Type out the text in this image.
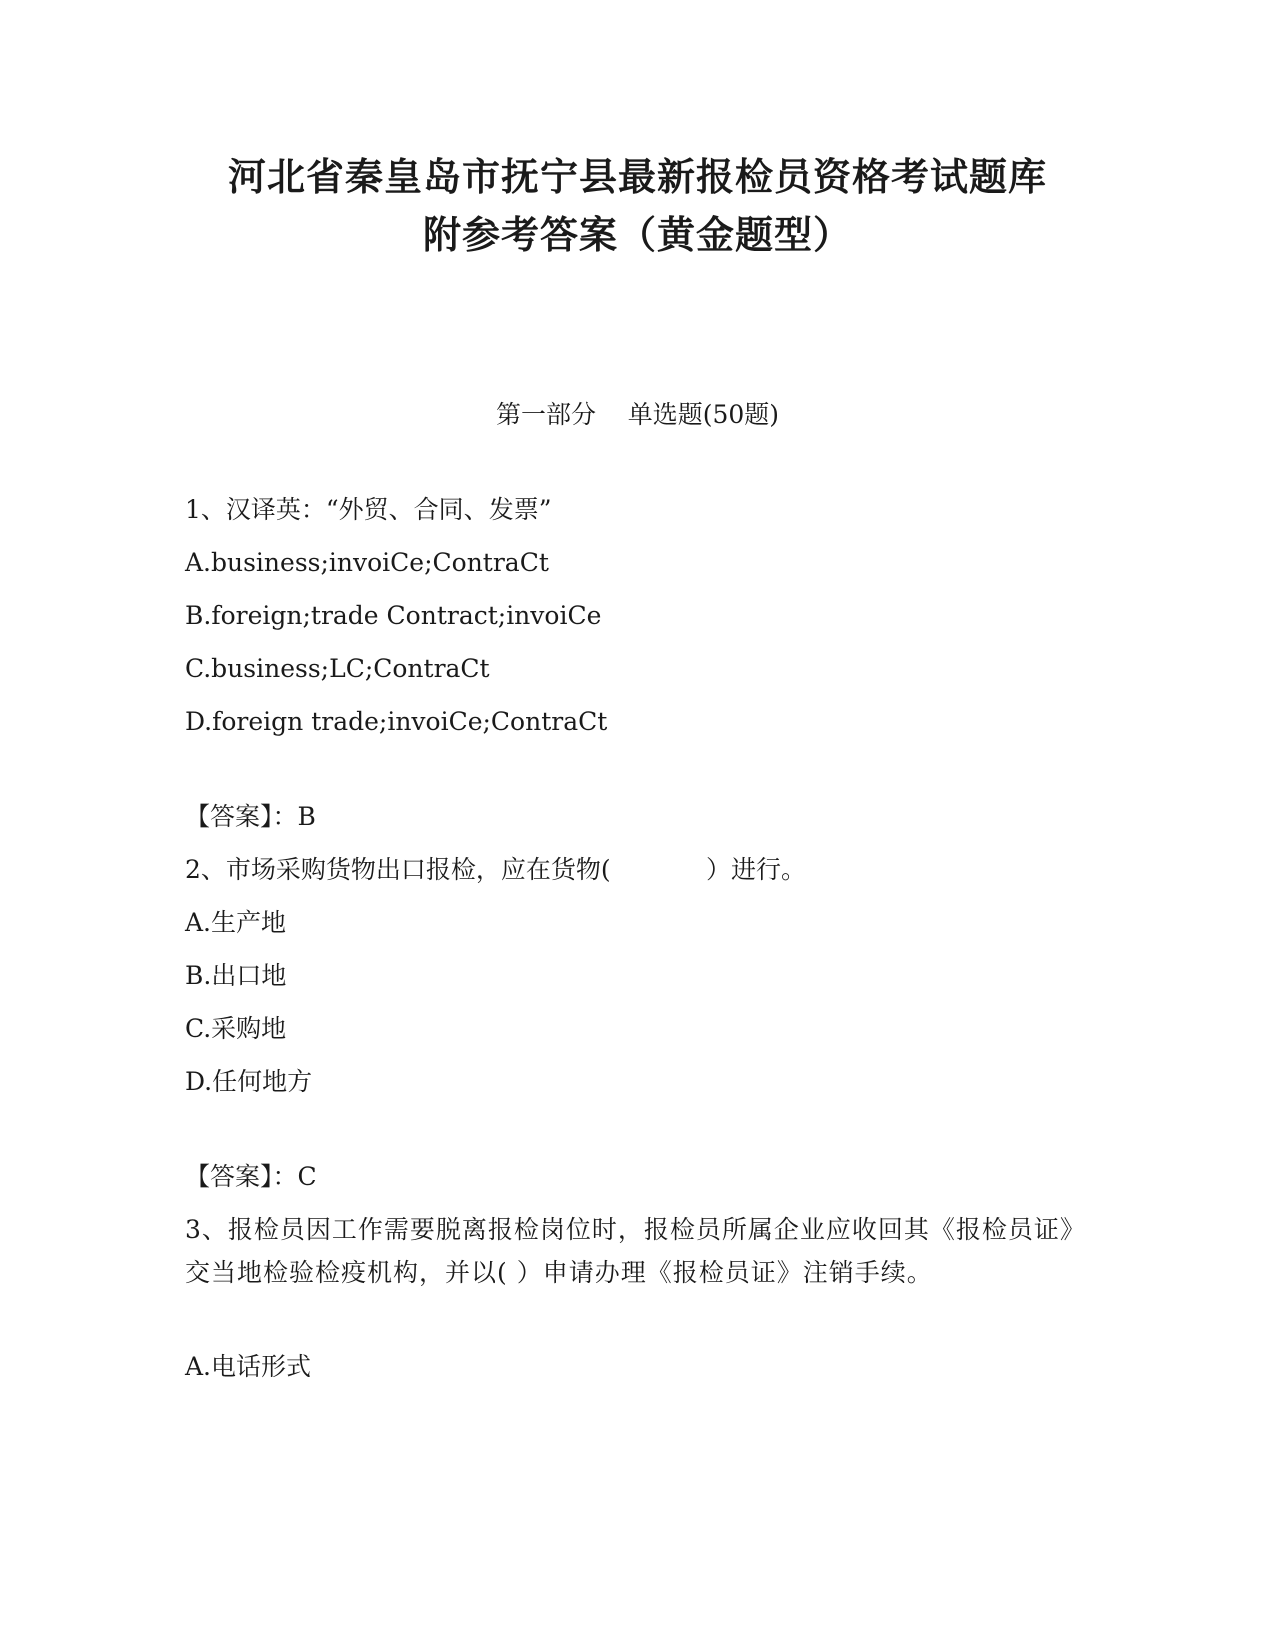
河北省秦皇岛市抚宁县最新报检员资格考试题库
附参考答案（黄金题型）
第一部分    单选题(50题)
1、汉译英：“外贸、合同、发票”
A.business;invoiCe;ContraCt
B.foreign;trade Contract;invoiCe
C.business;LC;ContraCt
D.foreign trade;invoiCe;ContraCt
【答案】：B
2、市场采购货物出口报检，应在货物(            ）进行。
A.生产地
B.出口地
C.采购地
D.任何地方
【答案】：C
3、报检员因工作需要脱离报检岗位时，报检员所属企业应收回其《报检员证》交当地检验检疫机构，并以( ）申请办理《报检员证》注销手续。
A.电话形式
